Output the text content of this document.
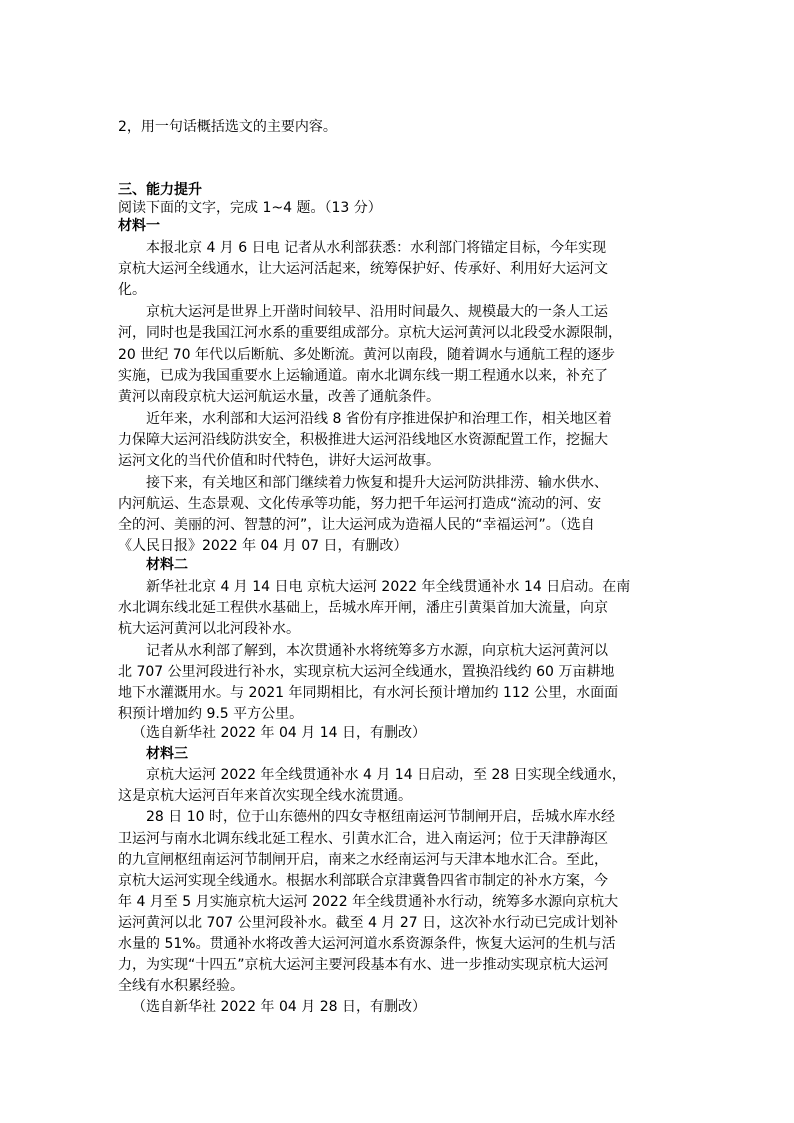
2，用一句话概括选文的主要内容。
三、能力提升
阅读下面的文字，完成 1~4 题。（13 分）
材料一
本报北京 4 月 6 日电 记者从水利部获悉：水利部门将锚定目标，今年实现
京杭大运河全线通水，让大运河活起来，统筹保护好、传承好、利用好大运河文
化。
京杭大运河是世界上开凿时间较早、沿用时间最久、规模最大的一条人工运
河，同时也是我国江河水系的重要组成部分。京杭大运河黄河以北段受水源限制，
20 世纪 70 年代以后断航、多处断流。黄河以南段，随着调水与通航工程的逐步
实施，已成为我国重要水上运输通道。南水北调东线一期工程通水以来，补充了
黄河以南段京杭大运河航运水量，改善了通航条件。
近年来，水利部和大运河沿线 8 省份有序推进保护和治理工作，相关地区着
力保障大运河沿线防洪安全，积极推进大运河沿线地区水资源配置工作，挖掘大
运河文化的当代价值和时代特色，讲好大运河故事。
接下来，有关地区和部门继续着力恢复和提升大运河防洪排涝、输水供水、
内河航运、生态景观、文化传承等功能，努力把千年运河打造成“流动的河、安
全的河、美丽的河、智慧的河”，让大运河成为造福人民的“幸福运河”。（选自
《人民日报》2022 年 04 月 07 日，有删改）
材料二
新华社北京 4 月 14 日电 京杭大运河 2022 年全线贯通补水 14 日启动。在南
水北调东线北延工程供水基础上，岳城水库开闸，潘庄引黄渠首加大流量，向京
杭大运河黄河以北河段补水。
记者从水利部了解到，本次贯通补水将统筹多方水源，向京杭大运河黄河以
北 707 公里河段进行补水，实现京杭大运河全线通水，置换沿线约 60 万亩耕地
地下水灌溉用水。与 2021 年同期相比，有水河长预计增加约 112 公里，水面面
积预计增加约 9.5 平方公里。
（选自新华社 2022 年 04 月 14 日，有删改）
材料三
京杭大运河 2022 年全线贯通补水 4 月 14 日启动，至 28 日实现全线通水，
这是京杭大运河百年来首次实现全线水流贯通。
28 日 10 时，位于山东德州的四女寺枢纽南运河节制闸开启，岳城水库水经
卫运河与南水北调东线北延工程水、引黄水汇合，进入南运河；位于天津静海区
的九宣闸枢纽南运河节制闸开启，南来之水经南运河与天津本地水汇合。至此，
京杭大运河实现全线通水。根据水利部联合京津冀鲁四省市制定的补水方案，今
年 4 月至 5 月实施京杭大运河 2022 年全线贯通补水行动，统筹多水源向京杭大
运河黄河以北 707 公里河段补水。截至 4 月 27 日，这次补水行动已完成计划补
水量的 51%。贯通补水将改善大运河河道水系资源条件，恢复大运河的生机与活
力，为实现“十四五”京杭大运河主要河段基本有水、进一步推动实现京杭大运河
全线有水积累经验。
（选自新华社 2022 年 04 月 28 日，有删改）
